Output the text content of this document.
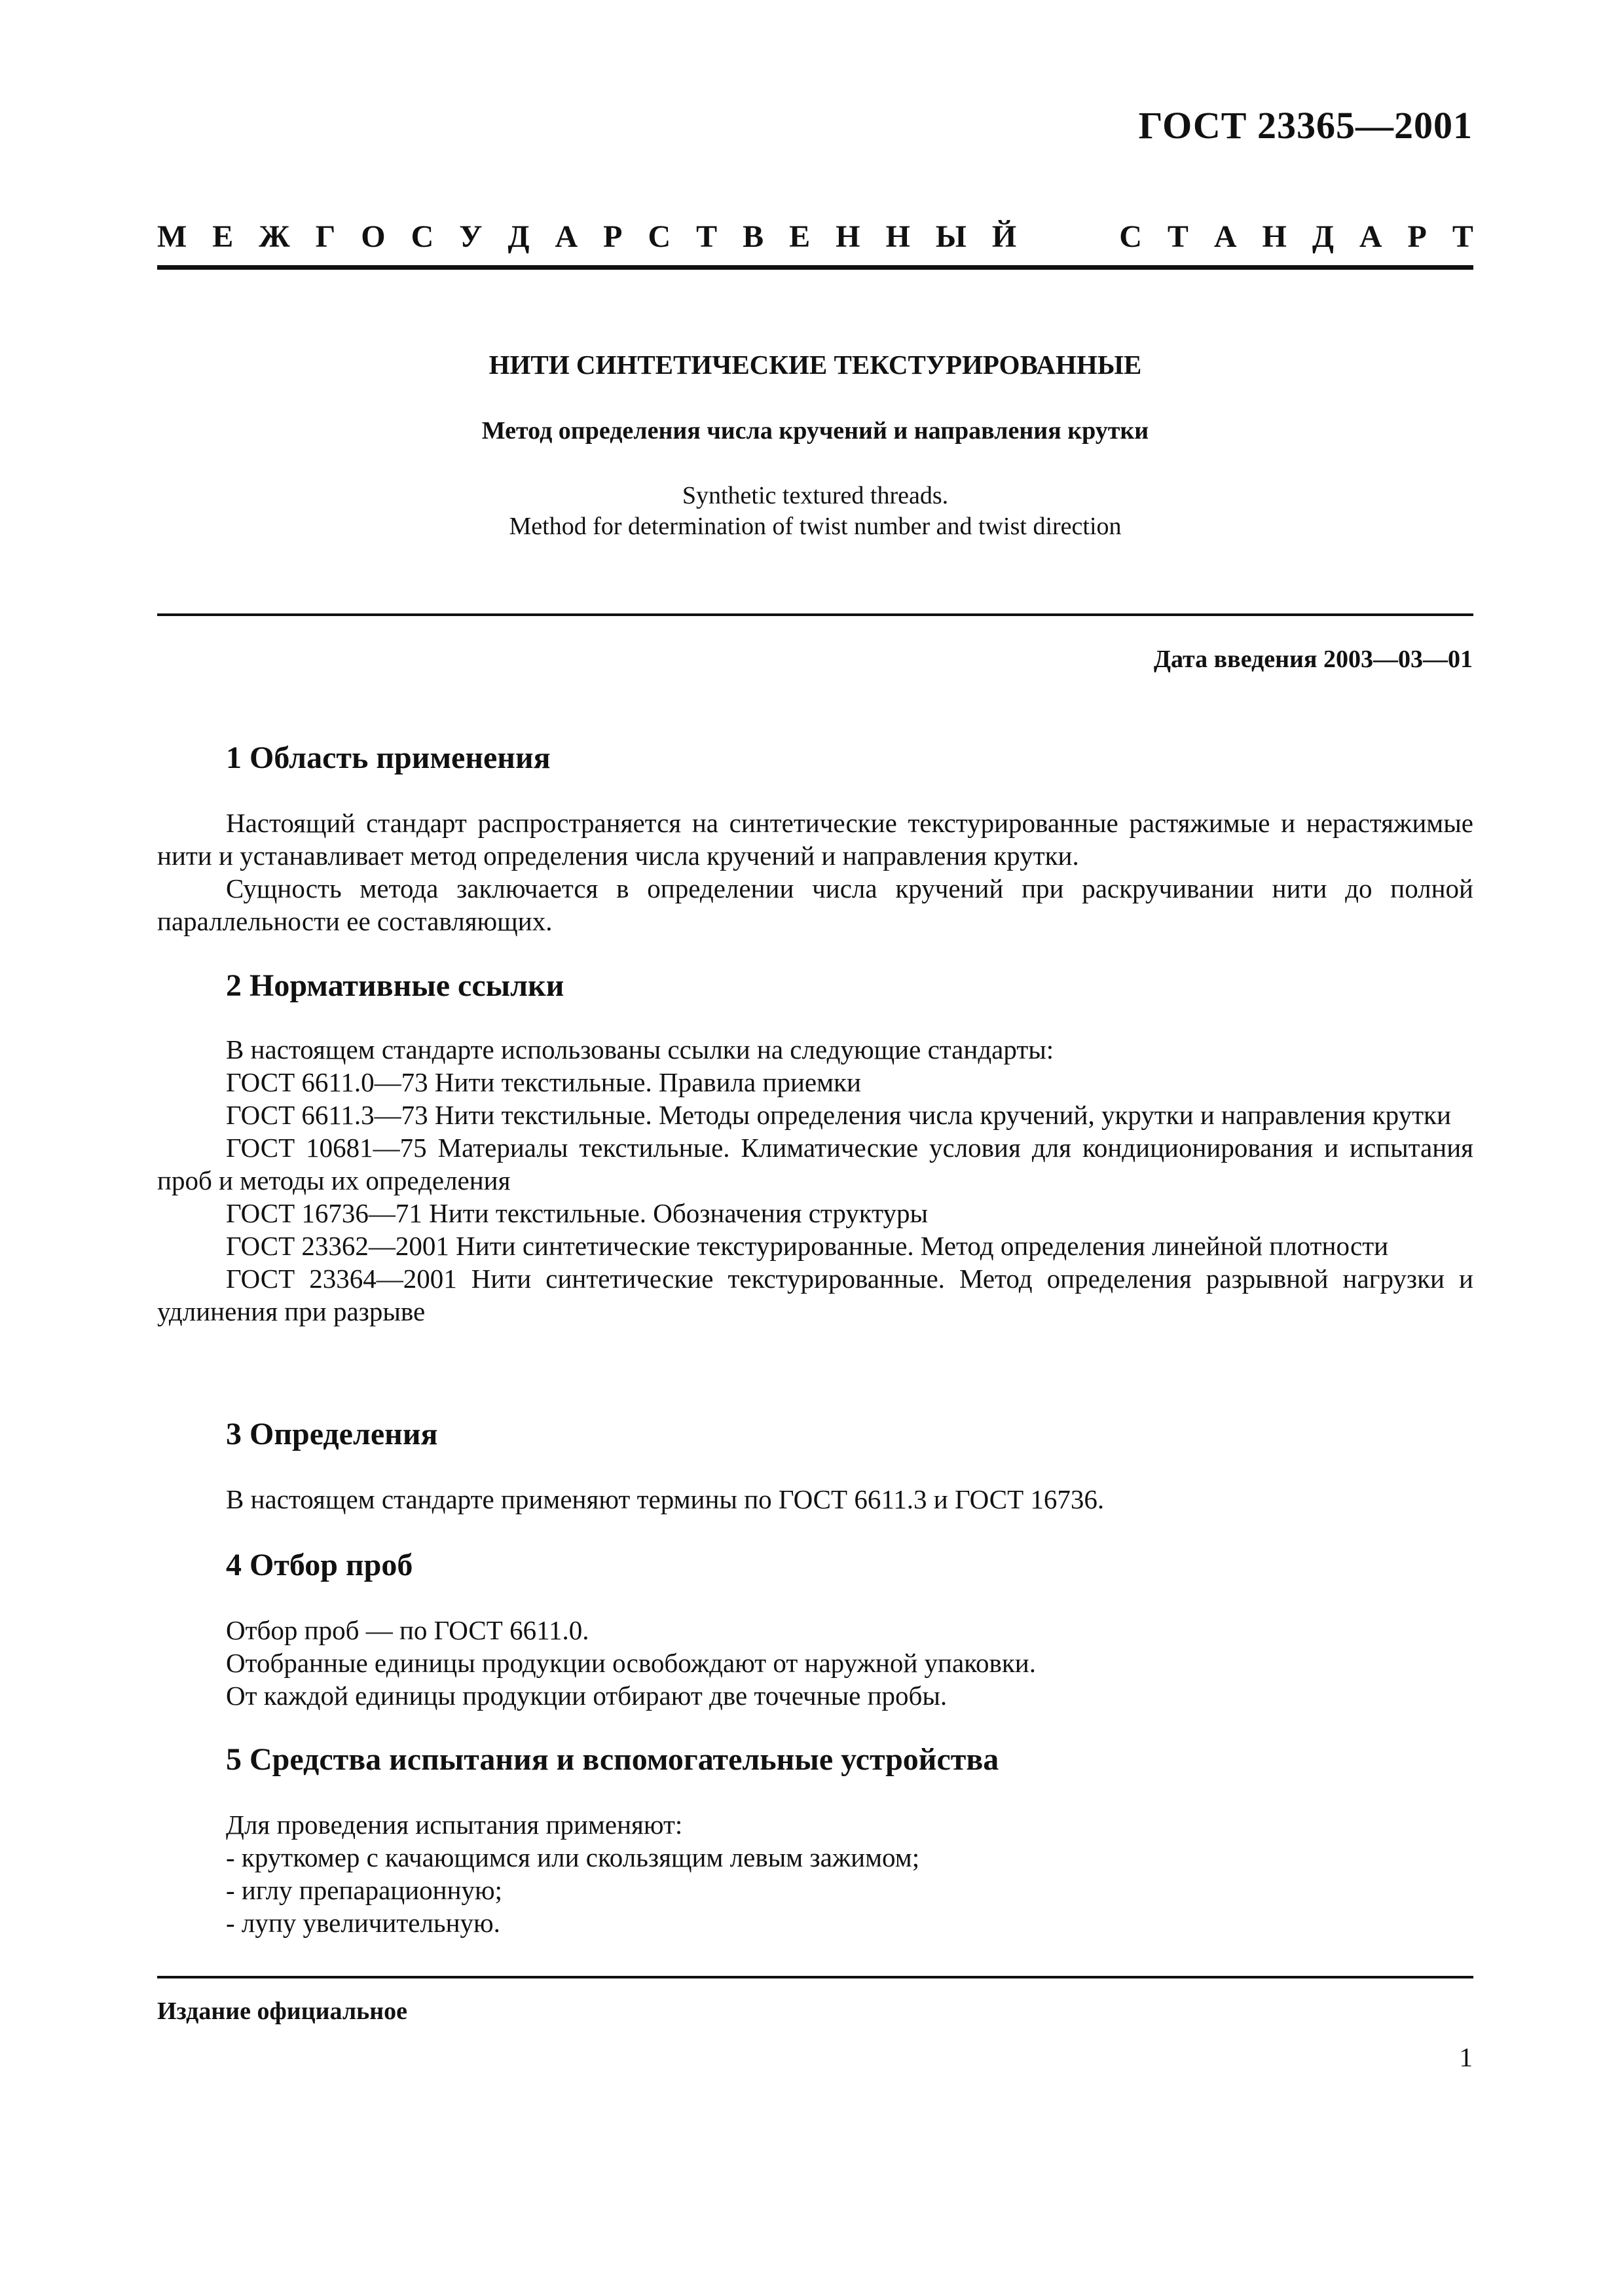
ГОСТ 23365—2001
М Е Ж Г О С У Д А Р С Т В Е Н Н Ы Й	С Т А Н Д А Р Т
НИТИ СИНТЕТИЧЕСКИЕ ТЕКСТУРИРОВАННЫЕ
Метод определения числа кручений и направления крутки
Synthetic textured threads.
Method for determination of twist number and twist direction
Дата введения 2003—03—01
1 Область применения

Настоящий стандарт распространяется на синтетические текстурированные растяжимые и нерастяжимые нити и устанавливает метод определения числа кручений и направления крутки.

Сущность метода заключается в определении числа кручений при раскручивании нити до полной параллельности ее составляющих.

2 Нормативные ссылки

В настоящем стандарте использованы ссылки на следующие стандарты:

ГОСТ 6611.0—73 Нити текстильные. Правила приемки

ГОСТ 6611.3—73 Нити текстильные. Методы определения числа кручений, укрутки и направления крутки

ГОСТ 10681—75 Материалы текстильные. Климатические условия для кондиционирования и испытания проб и методы их определения

ГОСТ 16736—71 Нити текстильные. Обозначения структуры

ГОСТ 23362—2001 Нити синтетические текстурированные. Метод определения линейной плотности

ГОСТ 23364—2001 Нити синтетические текстурированные. Метод определения разрывной нагрузки и удлинения при разрыве

3 Определения

В настоящем стандарте применяют термины по ГОСТ 6611.3 и ГОСТ 16736.

4 Отбор проб

Отбор проб — по ГОСТ 6611.0.

Отобранные единицы продукции освобождают от наружной упаковки.

От каждой единицы продукции отбирают две точечные пробы.

5 Средства испытания и вспомогательные устройства

Для проведения испытания применяют:

- круткомер с качающимся или скользящим левым зажимом;

- иглу препарационную;

- лупу увеличительную.

Издание официальное
1
